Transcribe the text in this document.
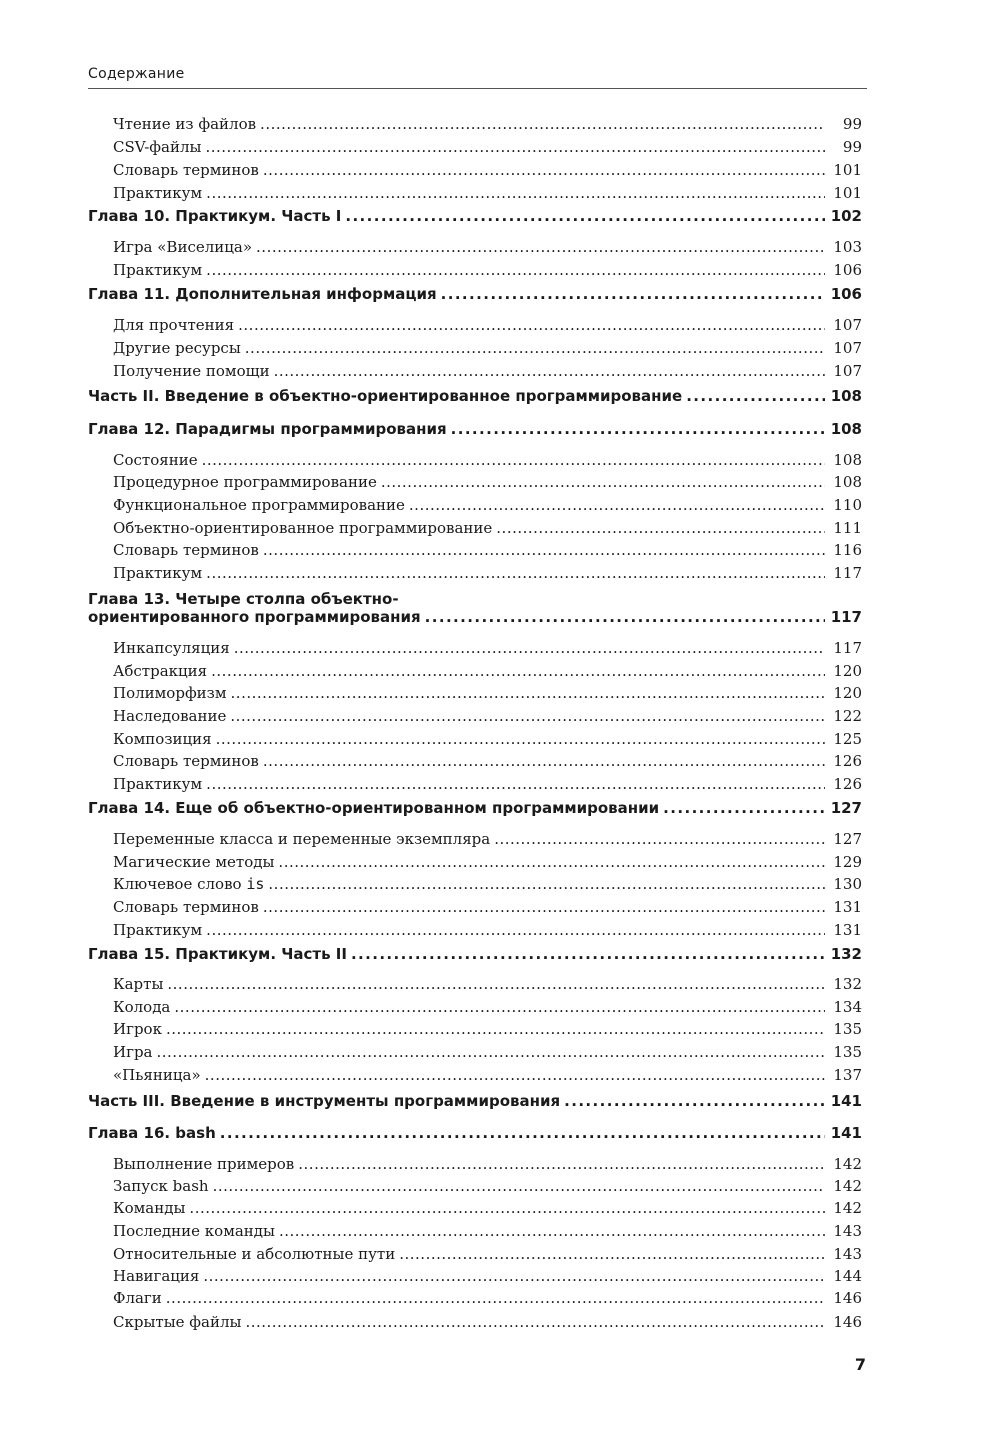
Содержание
Чтение из файлов .....	99
CSV-файлы .....	99
Словарь терминов .....	101
Практикум .....	101
Глава 10. Практикум. Часть I .....	102
Игра «Виселица» .....	103
Практикум .....	106
Глава 11. Дополнительная информация .....	106
Для прочтения .....	107
Другие ресурсы .....	107
Получение помощи .....	107
Часть II. Введение в объектно-ориентированное программирование .....	108
Глава 12. Парадигмы программирования .....	108
Состояние .....	108
Процедурное программирование .....	108
Функциональное программирование .....	110
Объектно-ориентированное программирование .....	111
Словарь терминов .....	116
Практикум .....	117
Глава 13. Четыре столпа объектно-
ориентированного программирования .....	117
Инкапсуляция .....	117
Абстракция .....	120
Полиморфизм .....	120
Наследование .....	122
Композиция .....	125
Словарь терминов .....	126
Практикум .....	126
Глава 14. Еще об объектно-ориентированном программировании .....	127
Переменные класса и переменные экземпляра .....	127
Магические методы .....	129
Ключевое слово is .....	130
Словарь терминов .....	131
Практикум .....	131
Глава 15. Практикум. Часть II .....	132
Карты .....	132
Колода .....	134
Игрок .....	135
Игра .....	135
«Пьяница» .....	137
Часть III. Введение в инструменты программирования .....	141
Глава 16. bash .....	141
Выполнение примеров .....	142
Запуск bash .....	142
Команды .....	142
Последние команды .....	143
Относительные и абсолютные пути .....	143
Навигация .....	144
Флаги .....	146
Скрытые файлы .....	146
7
